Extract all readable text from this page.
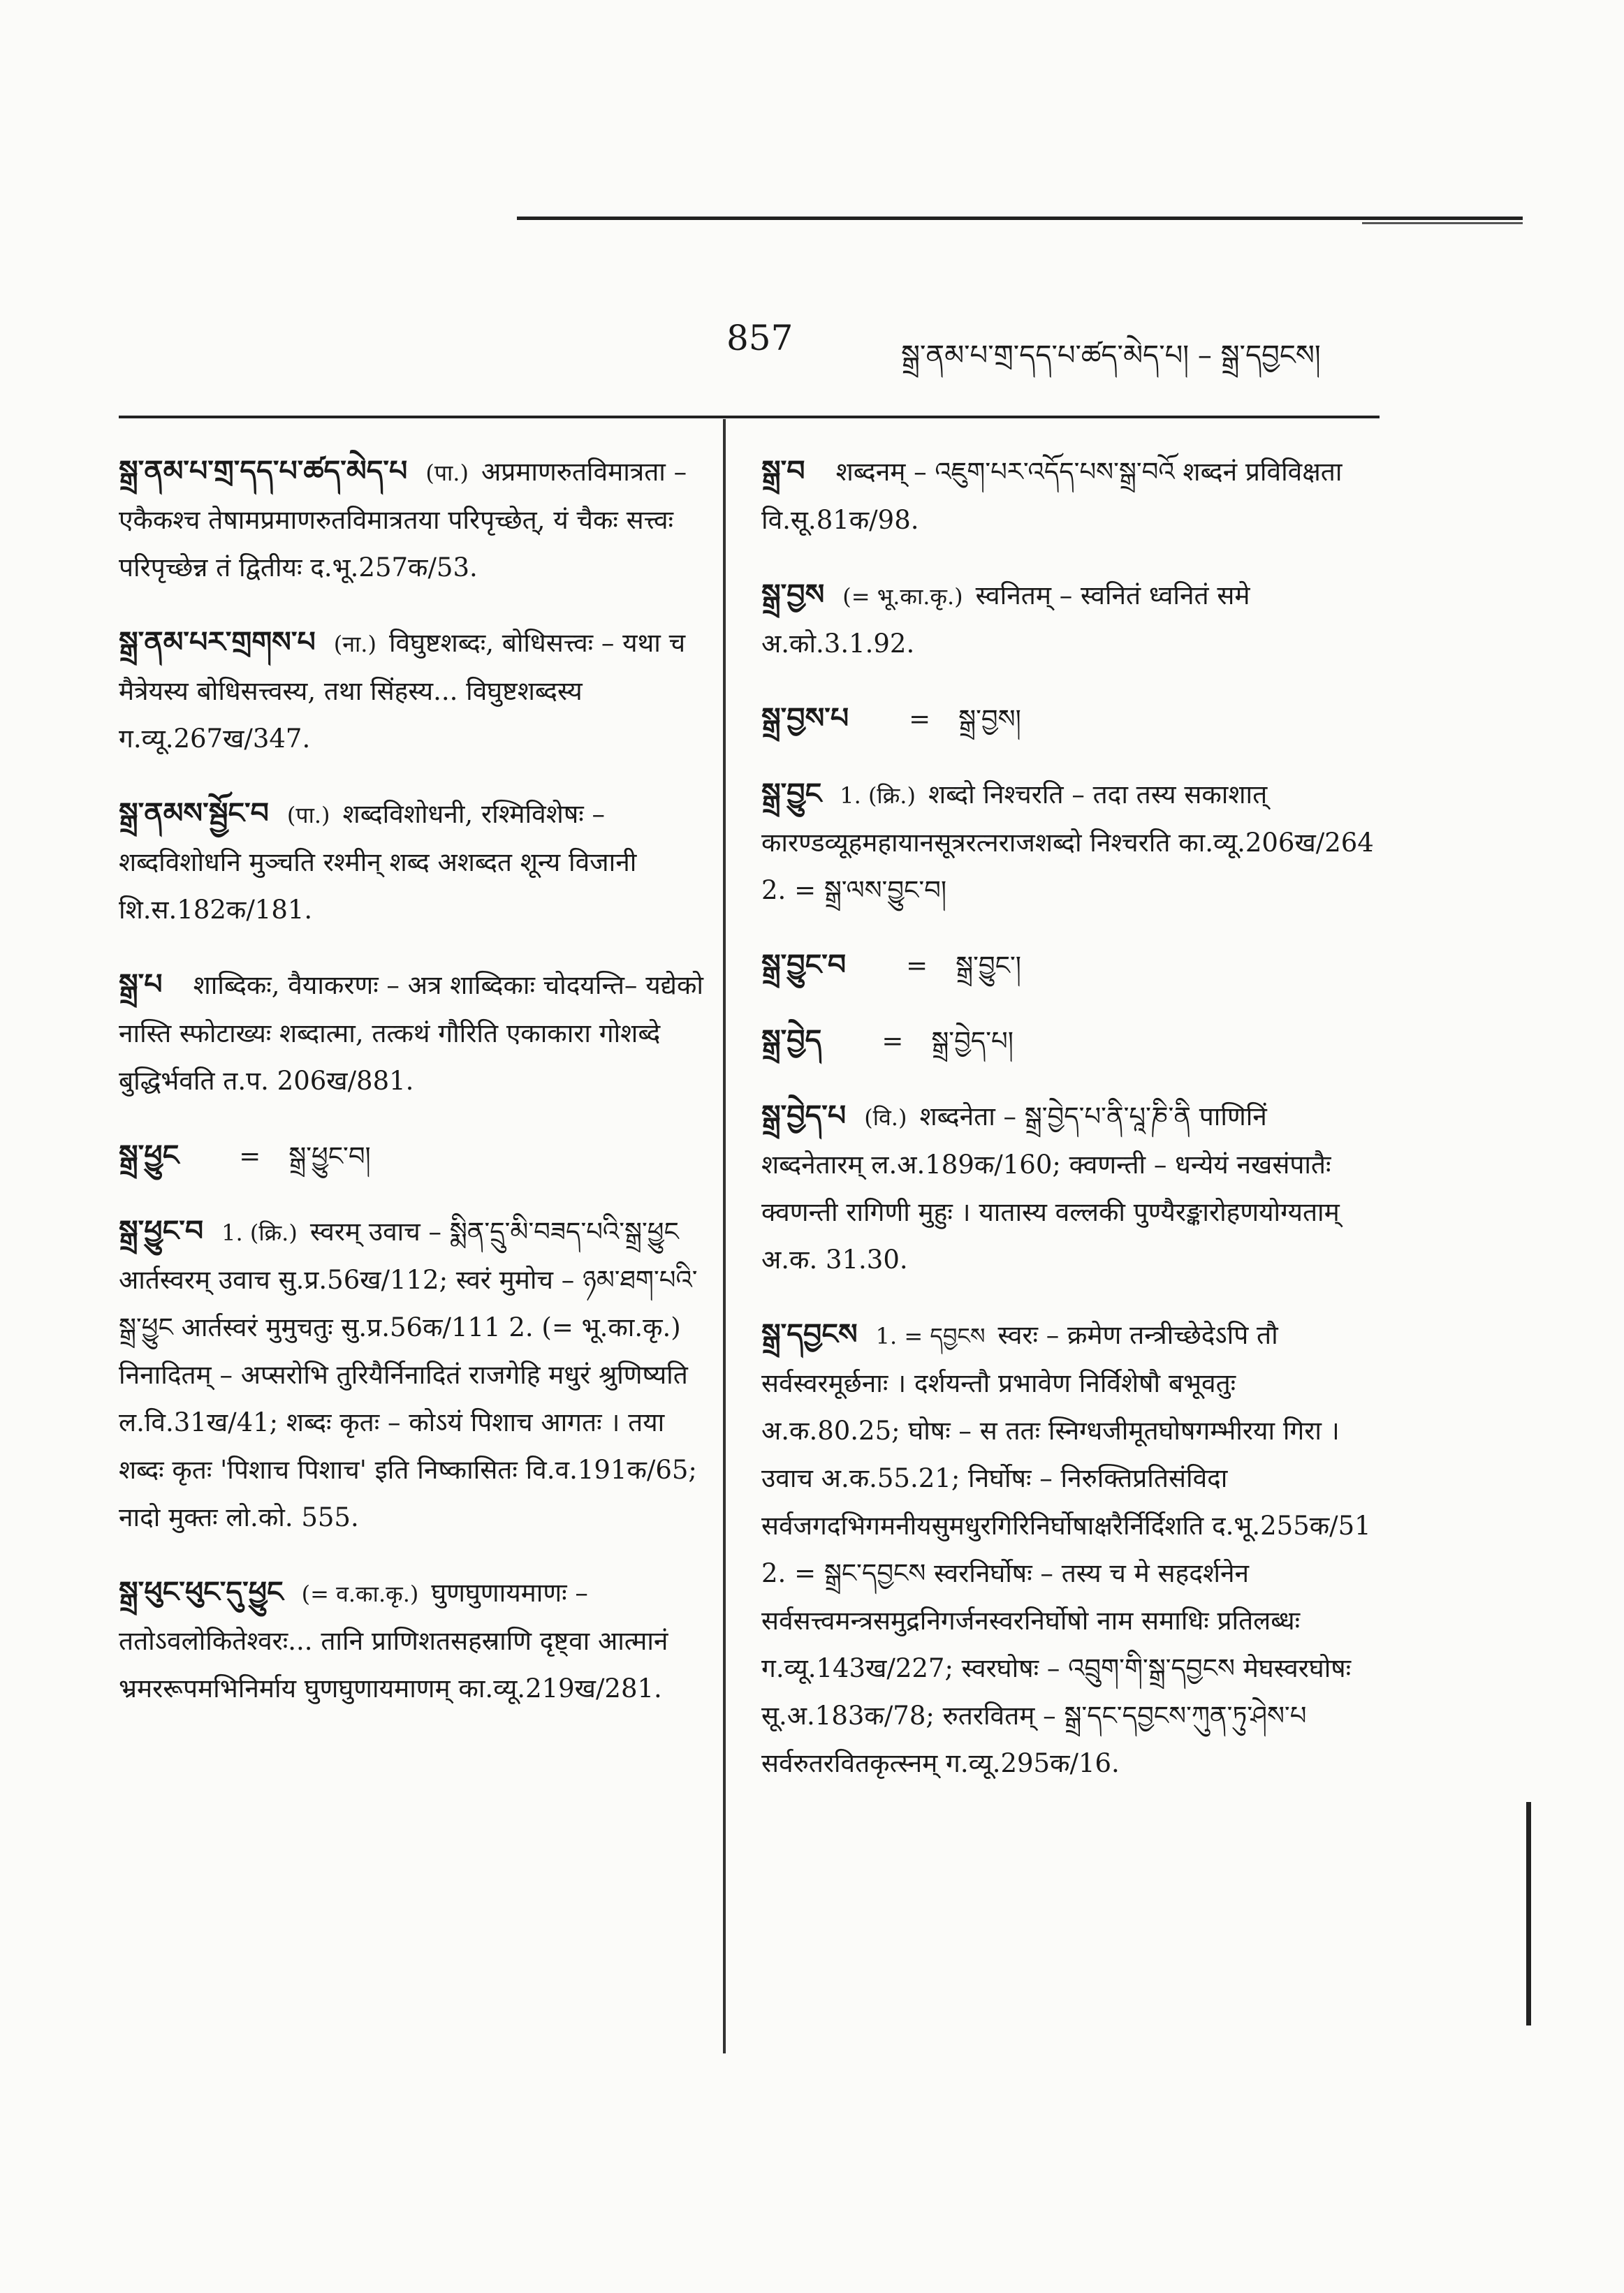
857	སྒྲ་ནམ་པ་གྲ་དད་པ་ཚད་མེད་པ། – སྒྲ་དབྱངས།
སྒྲ་ནམ་པ་གྲ་དད་པ་ཚད་མེད་པ (पा.) अप्रमाणरुतविमात्रता – एकैकश्च तेषामप्रमाणरुतविमात्रतया परिपृच्छेत्, यं चैकः सत्त्वः परिपृच्छेन्न तं द्वितीयः द.भू.257क/53.
སྒྲ་ནམ་པར་གྲགས་པ (ना.) विघुष्टशब्दः, बोधिसत्त्वः – यथा च मैत्रेयस्य बोधिसत्त्वस्य, तथा सिंहस्य... विघुष्टशब्दस्य ग.व्यू.267ख/347.
སྒྲ་ནམས་སྦྱོང་བ (पा.) शब्दविशोधनी, रश्मिविशेषः – शब्दविशोधनि मुञ्चति रश्मीन् शब्द अशब्दत शून्य विजानी शि.स.182क/181.
སྒྲ་པ शाब्दिकः, वैयाकरणः – अत्र शाब्दिकाः चोदयन्ति– यद्येको नास्ति स्फोटाख्यः शब्दात्मा, तत्कथं गौरिति एकाकारा गोशब्दे बुद्धिर्भवति त.प. 206ख/881.
སྒྲ་ཕྱུང = སྒྲ་ཕྱུང་བ།
སྒྲ་ཕྱུང་བ 1. (क्रि.) स्वरम् उवाच – སྨིན་དྲུ་མི་བཟད་པའི་སྒྲ་ཕྱུང आर्तस्वरम् उवाच सु.प्र.56ख/112; स्वरं मुमोच – ཉམ་ཐག་པའི་སྒྲ་ཕྱུང आर्तस्वरं मुमुचतुः सु.प्र.56क/111 2. (= भू.का.कृ.) निनादितम् – अप्सरोभि तुरियैर्निनादितं राजगेहि मधुरं श्रुणिष्यति ल.वि.31ख/41; शब्दः कृतः – कोऽयं पिशाच आगतः । तया शब्दः कृतः 'पिशाच पिशाच' इति निष्कासितः वि.व.191क/65; नादो मुक्तः लो.को. 555.
སྒྲ་ཕུང་ཕུང་དུ་ཕྱུང (= व.का.कृ.) घुणघुणायमाणः – ततोऽवलोकितेश्वरः... तानि प्राणिशतसहस्राणि दृष्ट्वा आत्मानं भ्रमररूपमभिनिर्माय घुणघुणायमाणम् का.व्यू.219ख/281.
སྒྲ་བ शब्दनम् – འཇུག་པར་འདོད་པས་སྒྲ་བའོ शब्दनं प्रविविक्षता वि.सू.81क/98.
སྒྲ་བྱས (= भू.का.कृ.) स्वनितम् – स्वनितं ध्वनितं समे अ.को.3.1.92.
སྒྲ་བྱས་པ = སྒྲ་བྱས།
སྒྲ་བྱུང 1. (क्रि.) शब्दो निश्चरति – तदा तस्य सकाशात् कारण्डव्यूहमहायानसूत्ररत्नराजशब्दो निश्चरति का.व्यू.206ख/264 2. = སྒྲ་ལས་བྱུང་བ།
སྒྲ་བྱུང་བ = སྒྲ་བྱུང་།
སྒྲ་བྱེད = སྒྲ་བྱེད་པ།
སྒྲ་བྱེད་པ (वि.) शब्दनेता – སྒྲ་བྱེད་པ་ནི་པཱ་ཎི་ནི पाणिनिं शब्दनेतारम् ल.अ.189क/160; क्वणन्ती – धन्येयं नखसंपातैः क्वणन्ती रागिणी मुहुः । यातास्य वल्लकी पुण्यैरङ्कारोहणयोग्यताम् अ.क. 31.30.
སྒྲ་དབྱངས 1. = དབྱངས स्वरः – क्रमेण तन्त्रीच्छेदेऽपि तौ सर्वस्वरमूर्छनाः । दर्शयन्तौ प्रभावेण निर्विशेषौ बभूवतुः अ.क.80.25; घोषः – स ततः स्निग्धजीमूतघोषगम्भीरया गिरा । उवाच अ.क.55.21; निर्घोषः – निरुक्तिप्रतिसंविदा सर्वजगदभिगमनीयसुमधुरगिरिनिर्घोषाक्षरैर्निर्दिशति द.भू.255क/51 2. = སྒྲང་དབྱངས स्वरनिर्घोषः – तस्य च मे सहदर्शनेन सर्वसत्त्वमन्त्रसमुद्रनिगर्जनस्वरनिर्घोषो नाम समाधिः प्रतिलब्धः ग.व्यू.143ख/227; स्वरघोषः – འབྲུག་གི་སྒྲ་དབྱངས मेघस्वरघोषः सू.अ.183क/78; रुतरवितम् – སྒྲ་དང་དབྱངས་ཀུན་ཏུ་ཤེས་པ सर्वरुतरवितकृत्स्नम् ग.व्यू.295क/16.
